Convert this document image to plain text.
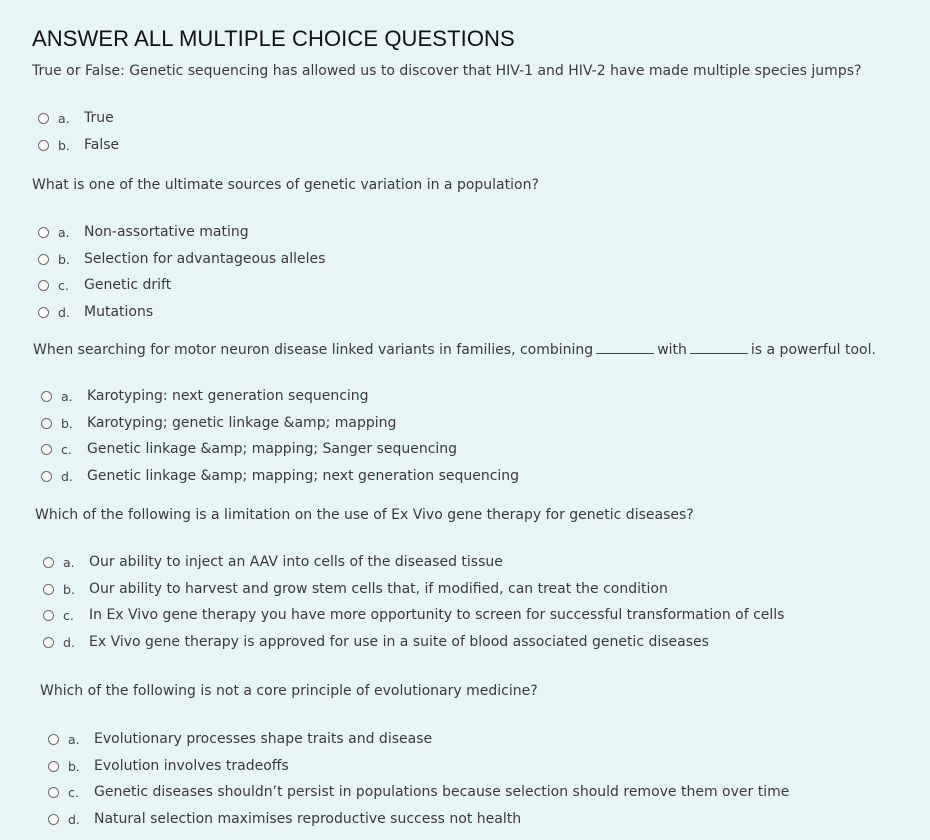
ANSWER ALL MULTIPLE CHOICE QUESTIONS
True or False: Genetic sequencing has allowed us to discover that HIV-1 and HIV-2 have made multiple species jumps?
a.	True
b.	False
What is one of the ultimate sources of genetic variation in a population?
a.	Non-assortative mating
b.	Selection for advantageous alleles
c.	Genetic drift
d.	Mutations
When searching for motor neuron disease linked variants in families, combining	with	is a powerful tool.
a.	Karotyping: next generation sequencing
b.	Karotyping; genetic linkage &amp; mapping
c.	Genetic linkage &amp; mapping; Sanger sequencing
d.	Genetic linkage &amp; mapping; next generation sequencing
Which of the following is a limitation on the use of Ex Vivo gene therapy for genetic diseases?
a.	Our ability to inject an AAV into cells of the diseased tissue
b.	Our ability to harvest and grow stem cells that, if modified, can treat the condition
c.	In Ex Vivo gene therapy you have more opportunity to screen for successful transformation of cells
d.	Ex Vivo gene therapy is approved for use in a suite of blood associated genetic diseases
Which of the following is not a core principle of evolutionary medicine?
a.	Evolutionary processes shape traits and disease
b.	Evolution involves tradeoffs
c.	Genetic diseases shouldn’t persist in populations because selection should remove them over time
d.	Natural selection maximises reproductive success not health
